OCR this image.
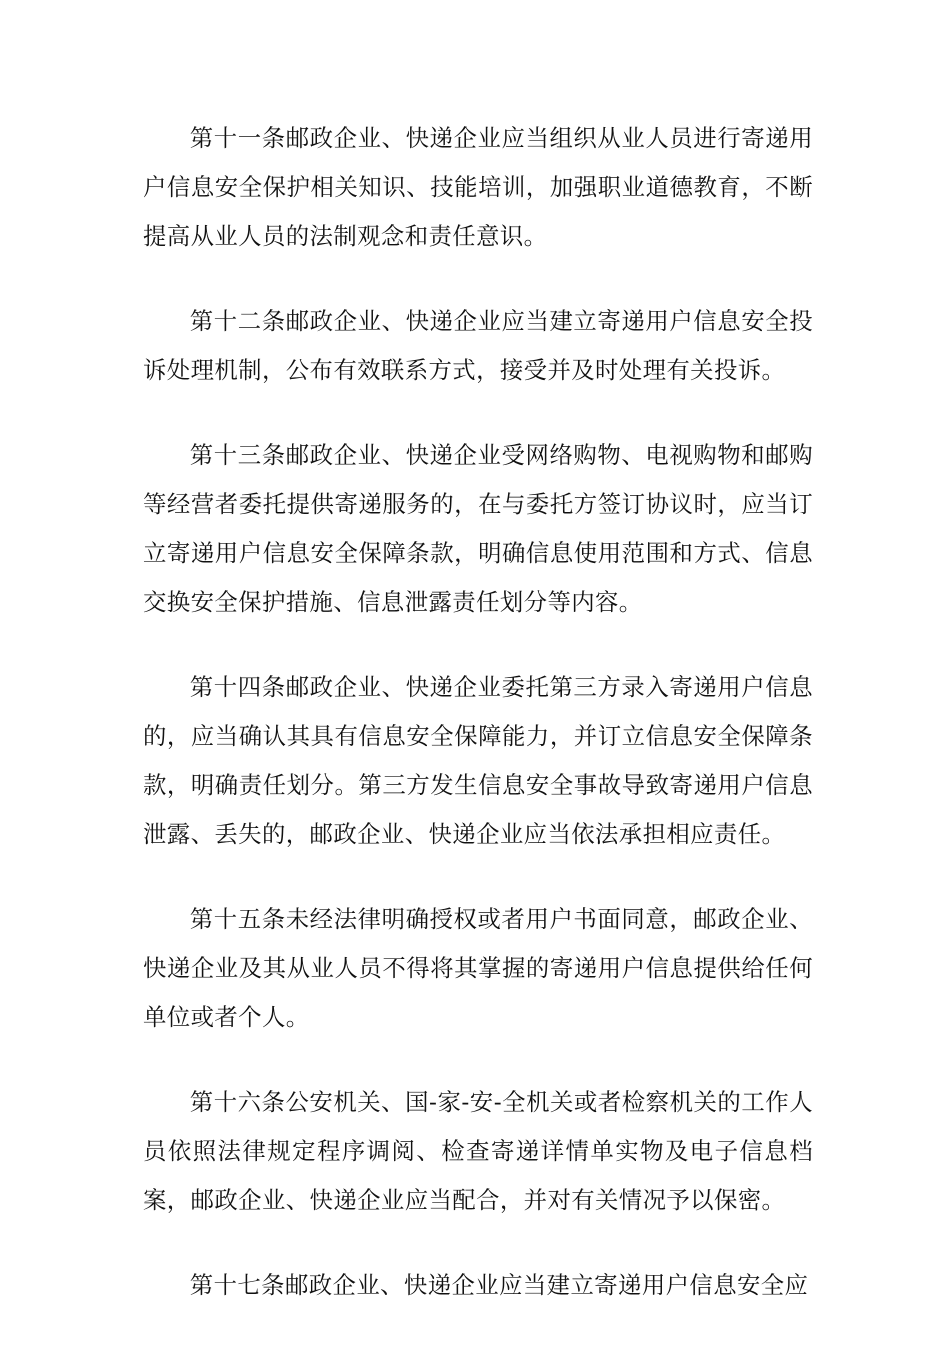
第十一条邮政企业、快递企业应当组织从业人员进行寄递用户信息安全保护相关知识、技能培训，加强职业道德教育，不断提高从业人员的法制观念和责任意识。

第十二条邮政企业、快递企业应当建立寄递用户信息安全投诉处理机制，公布有效联系方式，接受并及时处理有关投诉。

第十三条邮政企业、快递企业受网络购物、电视购物和邮购等经营者委托提供寄递服务的，在与委托方签订协议时，应当订立寄递用户信息安全保障条款，明确信息使用范围和方式、信息交换安全保护措施、信息泄露责任划分等内容。

第十四条邮政企业、快递企业委托第三方录入寄递用户信息的，应当确认其具有信息安全保障能力，并订立信息安全保障条款，明确责任划分。第三方发生信息安全事故导致寄递用户信息泄露、丢失的，邮政企业、快递企业应当依法承担相应责任。

第十五条未经法律明确授权或者用户书面同意，邮政企业、快递企业及其从业人员不得将其掌握的寄递用户信息提供给任何单位或者个人。

第十六条公安机关、国-家-安-全机关或者检察机关的工作人员依照法律规定程序调阅、检查寄递详情单实物及电子信息档案，邮政企业、快递企业应当配合，并对有关情况予以保密。

第十七条邮政企业、快递企业应当建立寄递用户信息安全应
